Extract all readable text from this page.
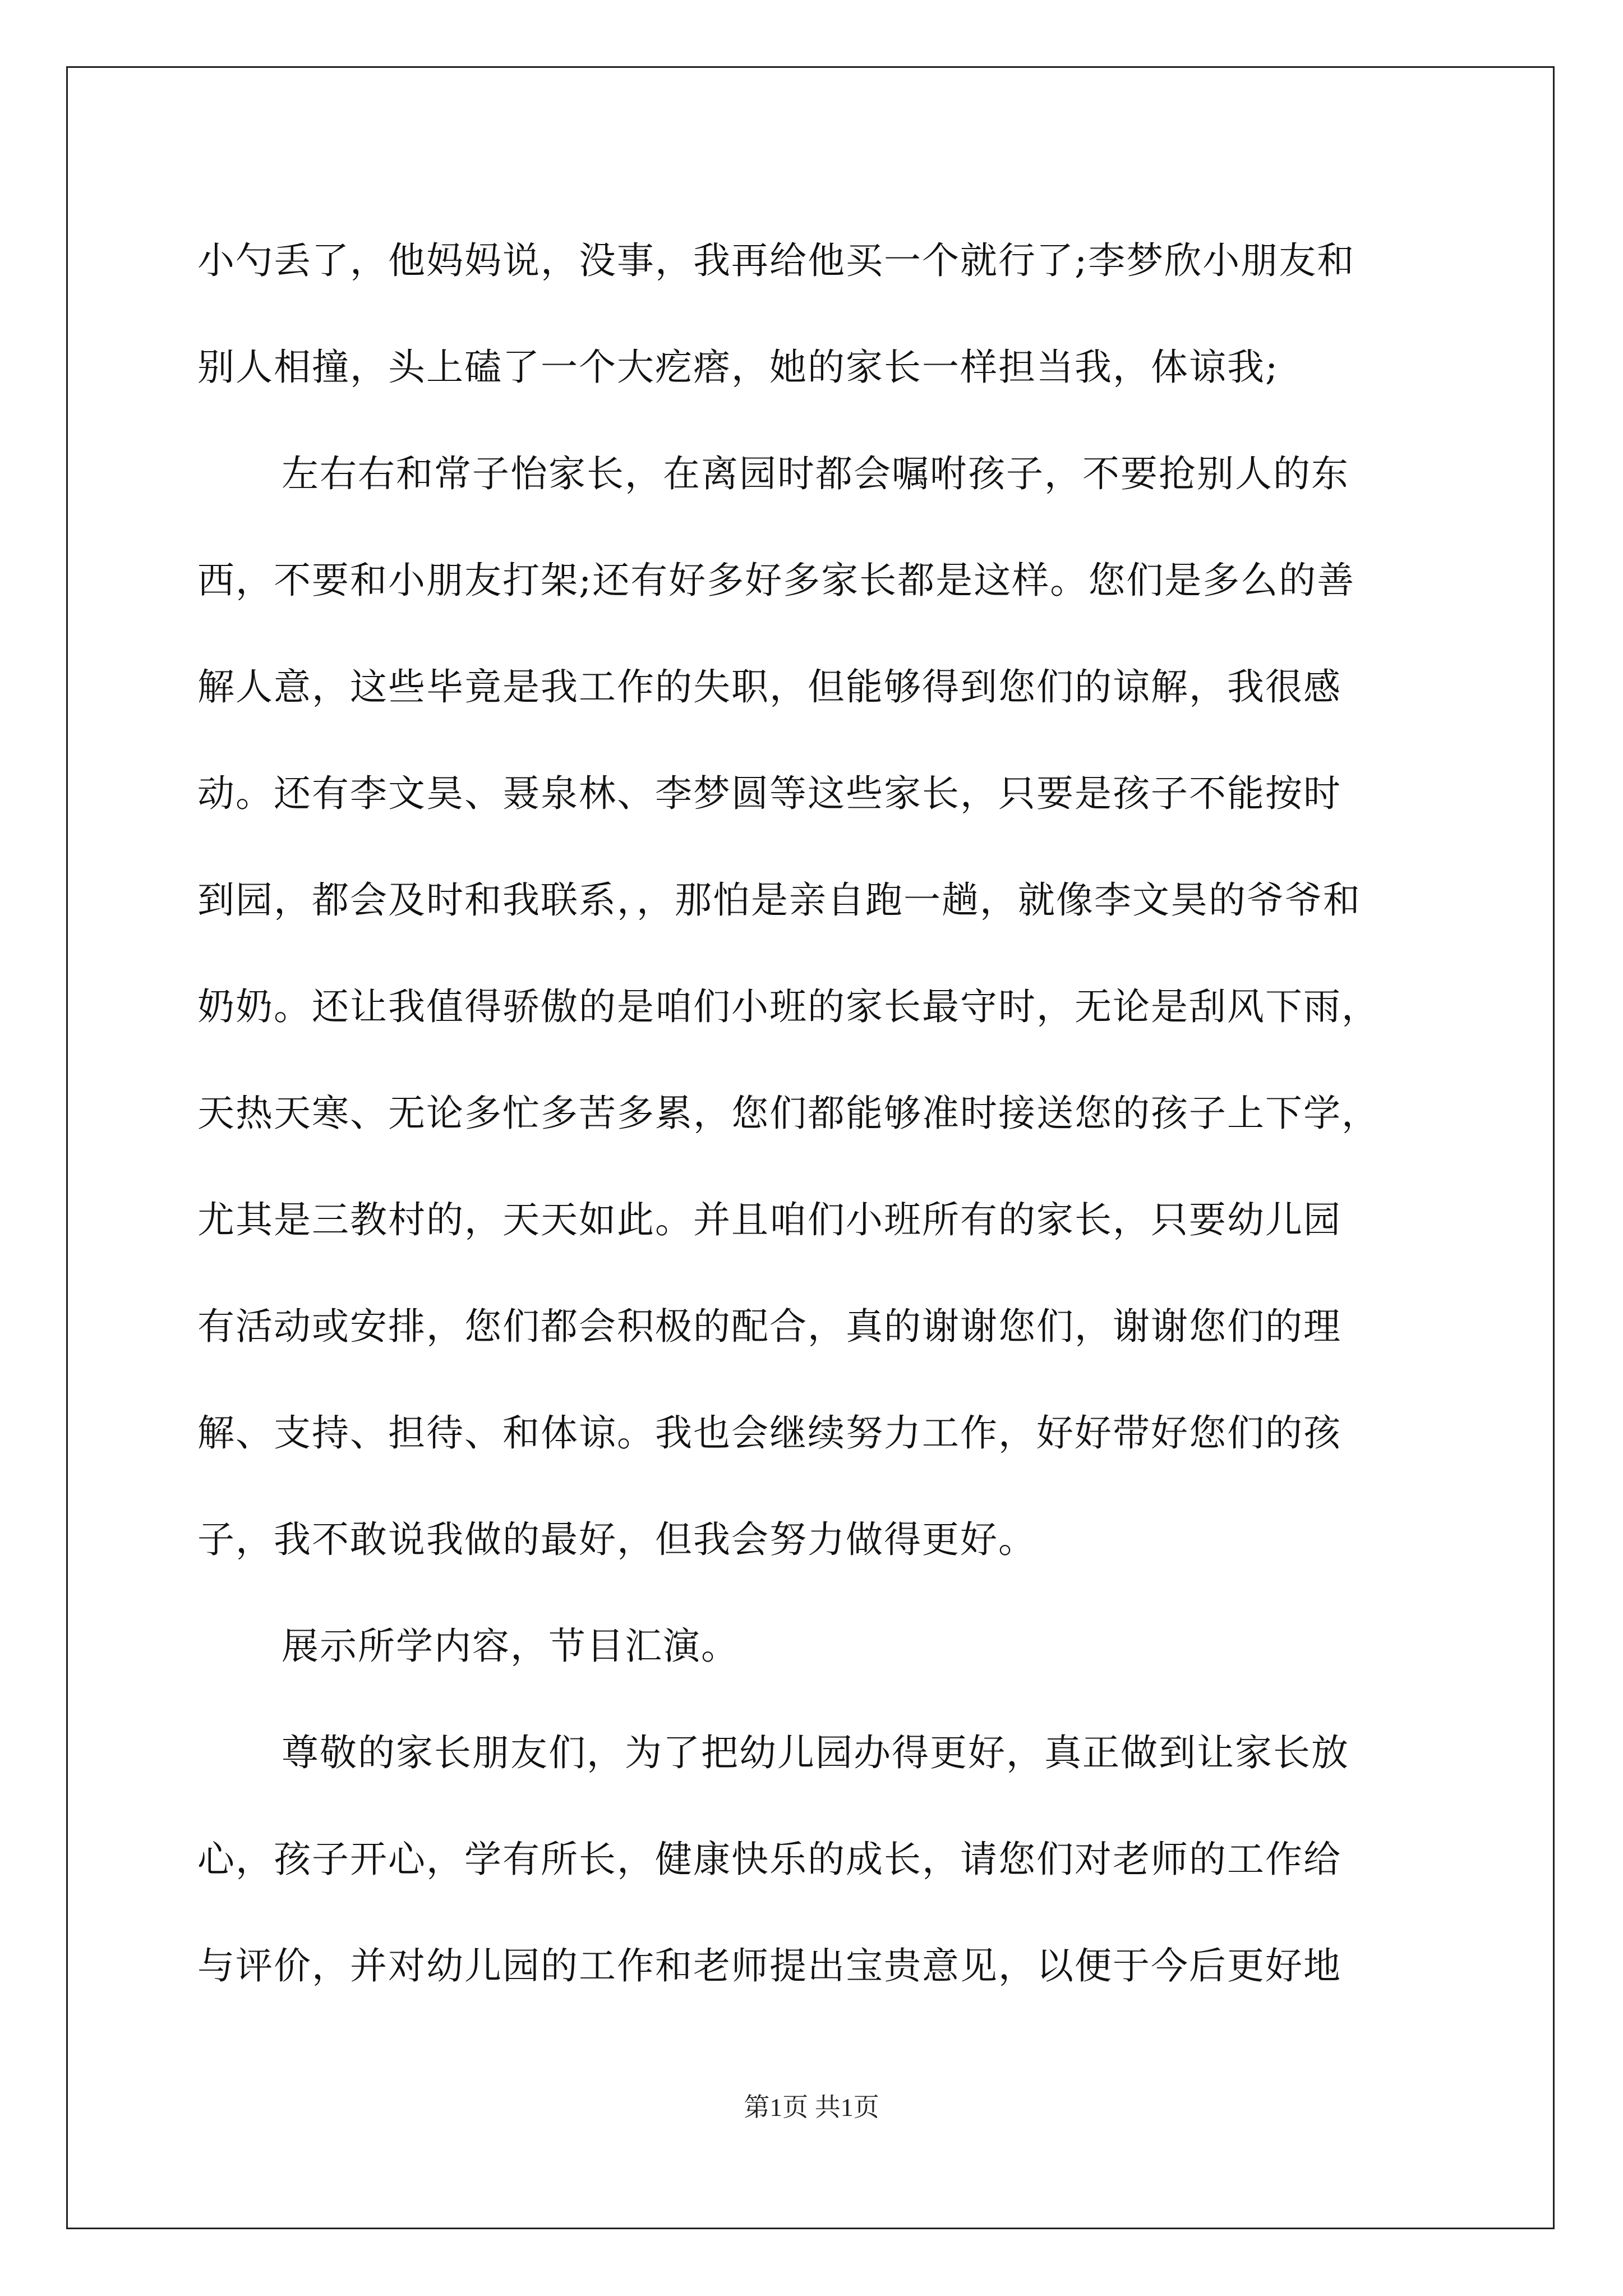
小勺丢了，他妈妈说，没事，我再给他买一个就行了;李梦欣小朋友和
别人相撞，头上磕了一个大疙瘩，她的家长一样担当我，体谅我;
左右右和常子怡家长，在离园时都会嘱咐孩子，不要抢别人的东
西，不要和小朋友打架;还有好多好多家长都是这样。您们是多么的善
解人意，这些毕竟是我工作的失职，但能够得到您们的谅解，我很感
动。还有李文昊、聂泉林、李梦圆等这些家长，只要是孩子不能按时
到园，都会及时和我联系，，那怕是亲自跑一趟，就像李文昊的爷爷和
奶奶。还让我值得骄傲的是咱们小班的家长最守时，无论是刮风下雨，
天热天寒、无论多忙多苦多累，您们都能够准时接送您的孩子上下学，
尤其是三教村的，天天如此。并且咱们小班所有的家长，只要幼儿园
有活动或安排，您们都会积极的配合，真的谢谢您们，谢谢您们的理
解、支持、担待、和体谅。我也会继续努力工作，好好带好您们的孩
子，我不敢说我做的最好，但我会努力做得更好。
展示所学内容，节目汇演。
尊敬的家长朋友们，为了把幼儿园办得更好，真正做到让家长放
心，孩子开心，学有所长，健康快乐的成长，请您们对老师的工作给
与评价，并对幼儿园的工作和老师提出宝贵意见，以便于今后更好地
第1页 共1页
